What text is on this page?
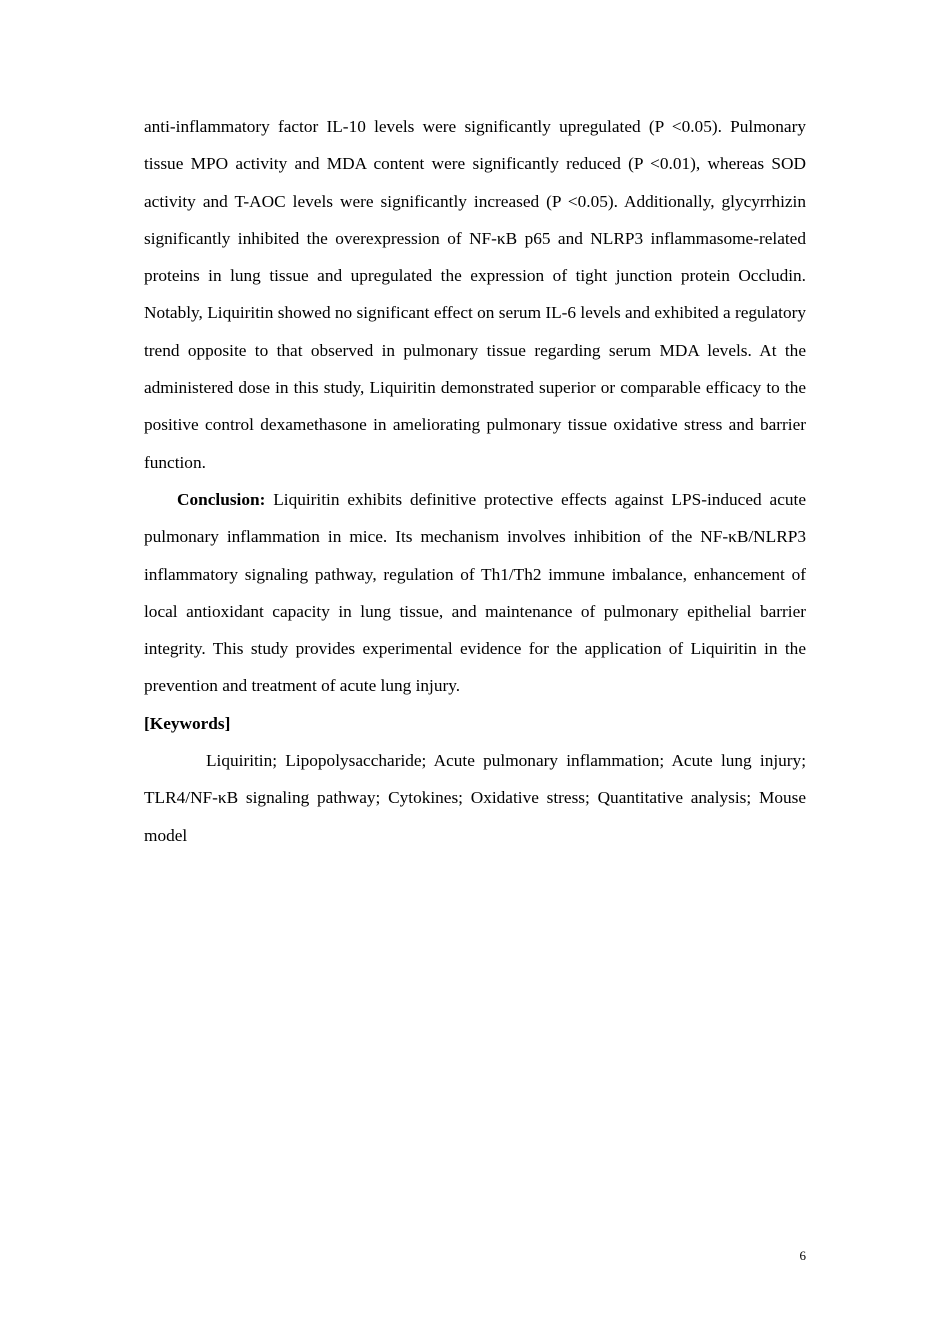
anti-inflammatory factor IL-10 levels were significantly upregulated (P <0.05). Pulmonary tissue MPO activity and MDA content were significantly reduced (P <0.01), whereas SOD activity and T-AOC levels were significantly increased (P <0.05). Additionally, glycyrrhizin significantly inhibited the overexpression of NF-κB p65 and NLRP3 inflammasome-related proteins in lung tissue and upregulated the expression of tight junction protein Occludin. Notably, Liquiritin showed no significant effect on serum IL-6 levels and exhibited a regulatory trend opposite to that observed in pulmonary tissue regarding serum MDA levels. At the administered dose in this study, Liquiritin demonstrated superior or comparable efficacy to the positive control dexamethasone in ameliorating pulmonary tissue oxidative stress and barrier function.

Conclusion: Liquiritin exhibits definitive protective effects against LPS-induced acute pulmonary inflammation in mice. Its mechanism involves inhibition of the NF-κB/NLRP3 inflammatory signaling pathway, regulation of Th1/Th2 immune imbalance, enhancement of local antioxidant capacity in lung tissue, and maintenance of pulmonary epithelial barrier integrity. This study provides experimental evidence for the application of Liquiritin in the prevention and treatment of acute lung injury.

[Keywords]

Liquiritin; Lipopolysaccharide; Acute pulmonary inflammation; Acute lung injury; TLR4/NF-κB signaling pathway; Cytokines; Oxidative stress; Quantitative analysis; Mouse model

6
